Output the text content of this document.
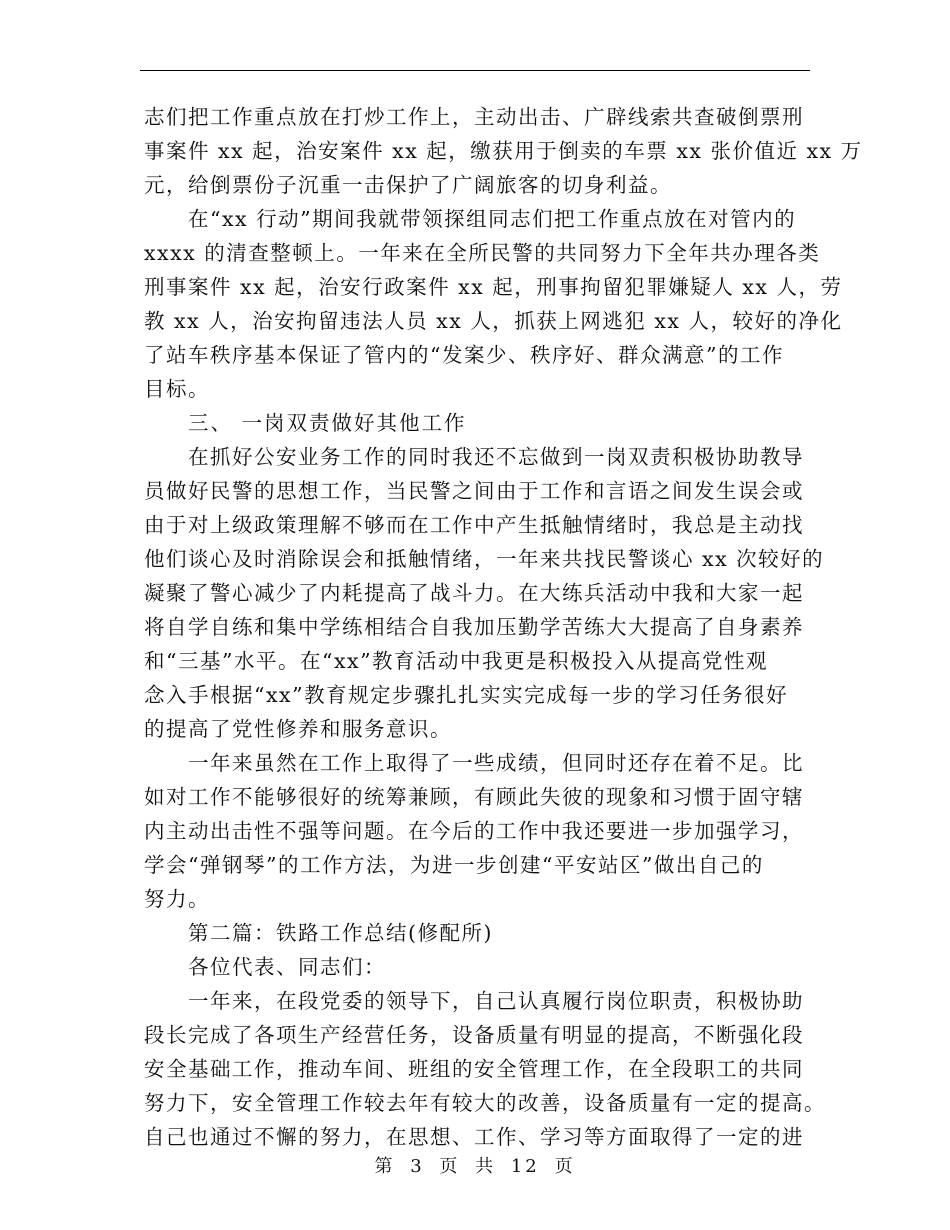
志们把工作重点放在打炒工作上，主动出击、广辟线索共查破倒票刑
事案件 xx 起，治安案件 xx 起，缴获用于倒卖的车票 xx 张价值近 xx 万
元，给倒票份子沉重一击保护了广阔旅客的切身利益。
在“xx 行动”期间我就带领探组同志们把工作重点放在对管内的
xxxx 的清查整顿上。一年来在全所民警的共同努力下全年共办理各类
刑事案件 xx 起，治安行政案件 xx 起，刑事拘留犯罪嫌疑人 xx 人，劳
教 xx 人，治安拘留违法人员 xx 人，抓获上网逃犯 xx 人，较好的净化
了站车秩序基本保证了管内的“发案少、秩序好、群众满意”的工作
目标。
三、 一岗双责做好其他工作
在抓好公安业务工作的同时我还不忘做到一岗双责积极协助教导
员做好民警的思想工作，当民警之间由于工作和言语之间发生误会或
由于对上级政策理解不够而在工作中产生抵触情绪时，我总是主动找
他们谈心及时消除误会和抵触情绪，一年来共找民警谈心 xx 次较好的
凝聚了警心减少了内耗提高了战斗力。在大练兵活动中我和大家一起
将自学自练和集中学练相结合自我加压勤学苦练大大提高了自身素养
和“三基”水平。在“xx”教育活动中我更是积极投入从提高党性观
念入手根据“xx”教育规定步骤扎扎实实完成每一步的学习任务很好
的提高了党性修养和服务意识。
一年来虽然在工作上取得了一些成绩，但同时还存在着不足。比
如对工作不能够很好的统筹兼顾，有顾此失彼的现象和习惯于固守辖
内主动出击性不强等问题。在今后的工作中我还要进一步加强学习，
学会“弹钢琴”的工作方法，为进一步创建“平安站区”做出自己的
努力。
第二篇：铁路工作总结(修配所)
各位代表、同志们：
一年来，在段党委的领导下，自己认真履行岗位职责，积极协助
段长完成了各项生产经营任务，设备质量有明显的提高，不断强化段
安全基础工作，推动车间、班组的安全管理工作，在全段职工的共同
努力下，安全管理工作较去年有较大的改善，设备质量有一定的提高。
自己也通过不懈的努力，在思想、工作、学习等方面取得了一定的进
第 3 页 共 12 页
